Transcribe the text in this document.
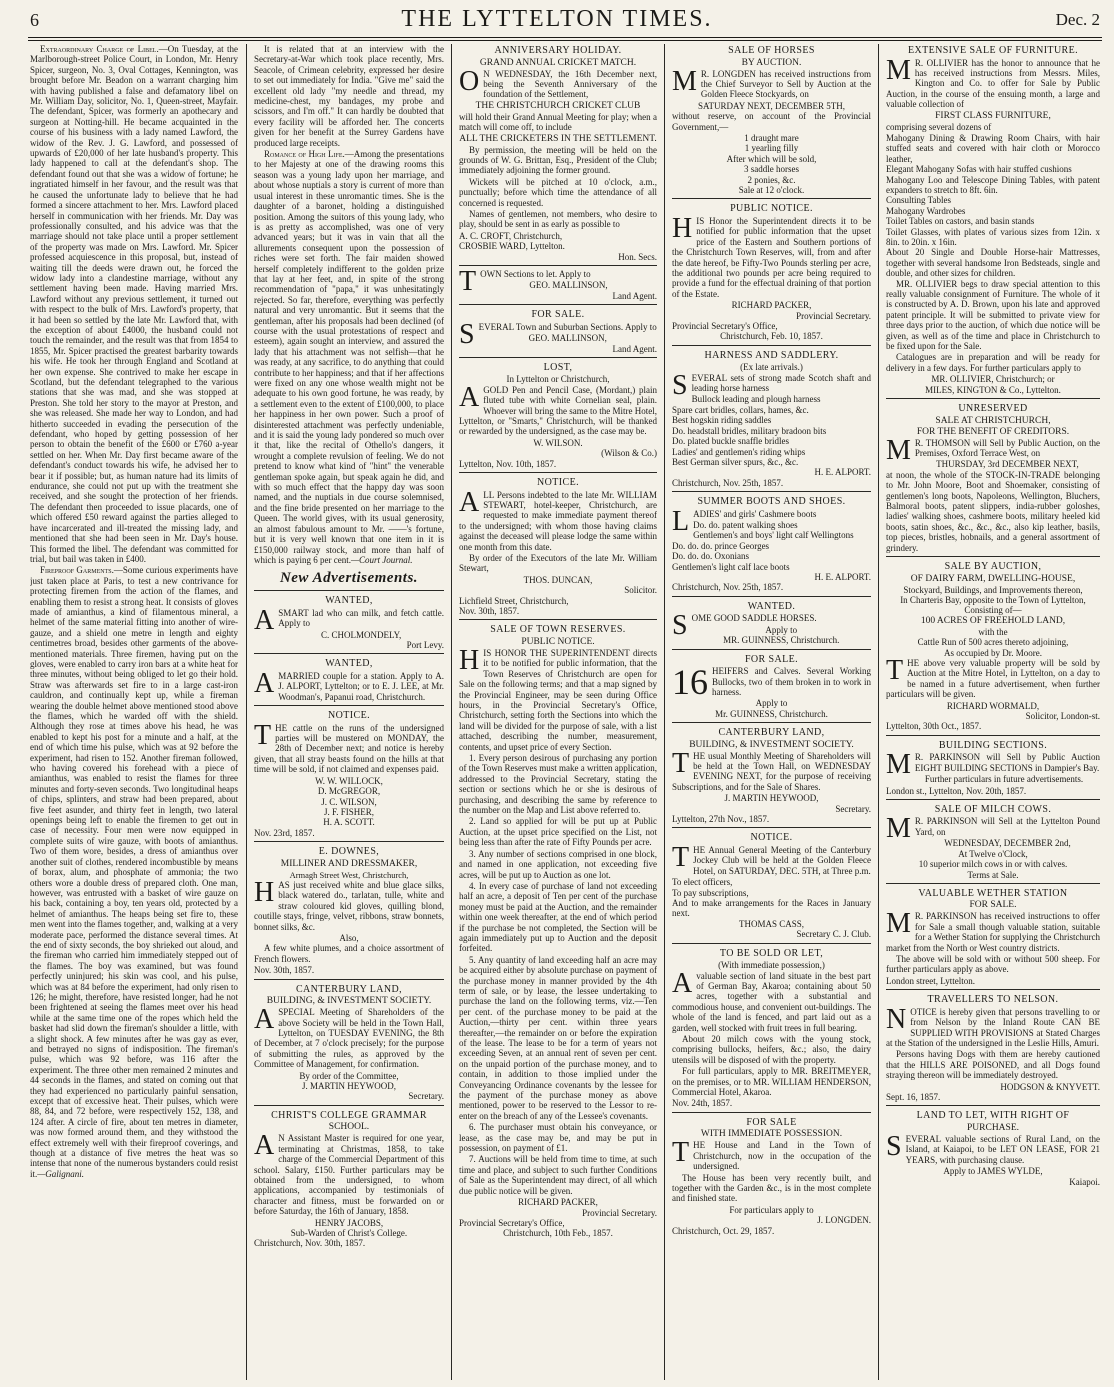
6	THE LYTTELTON TIMES.	Dec. 2

Extraordinary Charge of Libel.—On Tuesday, at the Marlborough-street Police Court, in London, Mr. Henry Spicer, surgeon, No. 3, Oval Cottages, Kennington, was brought before Mr. Beadon on a warrant charging him with having published a false and defamatory libel on Mr. William Day, solicitor, No. 1, Queen-street, Mayfair. The defendant, Spicer, was formerly an apothecary and surgeon at Notting-hill. He became acquainted in the course of his business with a lady named Lawford, the widow of the Rev. J. G. Lawford, and possessed of upwards of £20,000 of her late husband's property. This lady happened to call at the defendant's shop. The defendant found out that she was a widow of fortune; he ingratiated himself in her favour, and the result was that he caused the unfortunate lady to believe that he had formed a sincere attachment to her. Mrs. Lawford placed herself in communication with her friends. Mr. Day was professionally consulted, and his advice was that the marriage should not take place until a proper settlement of the property was made on Mrs. Lawford. Mr. Spicer professed acquiescence in this proposal, but, instead of waiting till the deeds were drawn out, he forced the widow lady into a clandestine marriage, without any settlement having been made. Having married Mrs. Lawford without any previous settlement, it turned out with respect to the bulk of Mrs. Lawford's property, that it had been so settled by the late Mr. Lawford that, with the exception of about £4000, the husband could not touch the remainder, and the result was that from 1854 to 1855, Mr. Spicer practised the greatest barbarity towards his wife. He took her through England and Scotland at her own expense. She contrived to make her escape in Scotland, but the defendant telegraphed to the various stations that she was mad, and she was stopped at Preston. She told her story to the mayor at Preston, and she was released. She made her way to London, and had hitherto succeeded in evading the persecution of the defendant, who hoped by getting possession of her person to obtain the benefit of the £600 or £760 a-year settled on her. When Mr. Day first became aware of the defendant's conduct towards his wife, he advised her to bear it if possible; but, as human nature had its limits of endurance, she could not put up with the treatment she received, and she sought the protection of her friends. The defendant then proceeded to issue placards, one of which offered £50 reward against the parties alleged to have incarcerated and ill-treated the missing lady, and mentioned that she had been seen in Mr. Day's house. This formed the libel. The defendant was committed for trial, but bail was taken in £400.

Fireproof Garments.—Some curious experiments have just taken place at Paris, to test a new contrivance for protecting firemen from the action of the flames, and enabling them to resist a strong heat. It consists of gloves made of amianthus, a kind of filamentous mineral, a helmet of the same material fitting into another of wire-gauze, and a shield one metre in length and eighty centimetres broad, besides other garments of the above-mentioned materials. Three firemen, having put on the gloves, were enabled to carry iron bars at a white heat for three minutes, without being obliged to let go their hold. Straw was afterwards set fire to in a large cast-iron cauldron, and continually kept up, while a fireman wearing the double helmet above mentioned stood above the flames, which he warded off with the shield. Although they rose at times above his head, he was enabled to kept his post for a minute and a half, at the end of which time his pulse, which was at 92 before the experiment, had risen to 152. Another fireman followed, who having covered his forehead with a piece of amianthus, was enabled to resist the flames for three minutes and forty-seven seconds. Two longitudinal heaps of chips, splinters, and straw had been prepared, about five feet asunder, and thirty feet in length, two lateral openings being left to enable the firemen to get out in case of necessity. Four men were now equipped in complete suits of wire gauze, with boots of amianthus. Two of them wore, besides, a dress of amianthus over another suit of clothes, rendered incombustible by means of borax, alum, and phosphate of ammonia; the two others wore a double dress of prepared cloth. One man, however, was entrusted with a basket of wire gauze on his back, containing a boy, ten years old, protected by a helmet of amianthus. The heaps being set fire to, these men went into the flames together, and, walking at a very moderate pace, performed the distance several times. At the end of sixty seconds, the boy shrieked out aloud, and the fireman who carried him immediately stepped out of the flames. The boy was examined, but was found perfectly uninjured; his skin was cool, and his pulse, which was at 84 before the experiment, had only risen to 126; he might, therefore, have resisted longer, had he not been frightened at seeing the flames meet over his head while at the same time one of the ropes which held the basket had slid down the fireman's shoulder a little, with a slight shock. A few minutes after he was gay as ever, and betrayed no signs of indisposition. The fireman's pulse, which was 92 before, was 116 after the experiment. The three other men remained 2 minutes and 44 seconds in the flames, and stated on coming out that they had experienced no particularly painful sensation, except that of excessive heat. Their pulses, which were 88, 84, and 72 before, were respectively 152, 138, and 124 after. A circle of fire, about ten metres in diameter, was now formed around them, and they withstood the effect extremely well with their fireproof coverings, and though at a distance of five metres the heat was so intense that none of the numerous bystanders could resist it.—Galignani.

It is related that at an interview with the Secretary-at-War which took place recently, Mrs. Seacole, of Crimean celebrity, expressed her desire to set out immediately for India. "Give me" said the excellent old lady "my needle and thread, my medicine-chest, my bandages, my probe and scissors, and I'm off." It can hardly be doubted that every facility will be afforded her. The concerts given for her benefit at the Surrey Gardens have produced large receipts.

Romance of High Life.—Among the presentations to her Majesty at one of the drawing rooms this season was a young lady upon her marriage, and about whose nuptials a story is current of more than usual interest in these unromantic times. She is the daughter of a baronet, holding a distinguished position. Among the suitors of this young lady, who is as pretty as accomplished, was one of very advanced years; but it was in vain that all the allurements consequent upon the possession of riches were set forth. The fair maiden showed herself completely indifferent to the golden prize that lay at her feet, and, in spite of the strong recommendation of "papa," it was unhesitatingly rejected. So far, therefore, everything was perfectly natural and very unromantic. But it seems that the gentleman, after his proposals had been declined (of course with the usual protestations of respect and esteem), again sought an interview, and assured the lady that his attachment was not selfish—that he was ready, at any sacrifice, to do anything that could contribute to her happiness; and that if her affections were fixed on any one whose wealth might not be adequate to his own good fortune, he was ready, by a settlement even to the extent of £100,000, to place her happiness in her own power. Such a proof of disinterested attachment was perfectly undeniable, and it is said the young lady pondered so much over it that, like the recital of Othello's dangers, it wrought a complete revulsion of feeling. We do not pretend to know what kind of "hint" the venerable gentleman spoke again, but speak again he did, and with so much effect that the happy day was soon named, and the nuptials in due course solemnised, and the fine bride presented on her marriage to the Queen. The world gives, with its usual generosity, an almost fabulous amount to Mr. ——'s fortune, but it is very well known that one item in it is £150,000 railway stock, and more than half of which is paying 6 per cent.—Court Journal.

New Advertisements.

WANTED,

ASMART lad who can milk, and fetch cattle. Apply to

C. CHOLMONDELY,

Port Levy.

WANTED,

AMARRIED couple for a station. Apply to A. J. ALPORT, Lyttelton; or to E. J. LEE, at Mr. Woodman's, Papanui road, Christchurch.

NOTICE.

THE cattle on the runs of the undersigned parties will be mustered on MONDAY, the 28th of December next; and notice is hereby given, that all stray beasts found on the hills at that time will be sold, if not claimed and expenses paid.

W. W. WILLOCK,

D. McGREGOR,

J. C. WILSON,

J. F. FISHER,

H. A. SCOTT.

Nov. 23rd, 1857.

E. DOWNES,

MILLINER AND DRESSMAKER,

Armagh Street West, Christchurch,

HAS just received white and blue glace silks, black watered do., tarlatan, tulle, white and straw coloured kid gloves, quilling blond, coutille stays, fringe, velvet, ribbons, straw bonnets, bonnet silks, &c.

Also,

A few white plumes, and a choice assortment of French flowers.

Nov. 30th, 1857.

CANTERBURY LAND,

BUILDING, & INVESTMENT SOCIETY.

ASPECIAL Meeting of Shareholders of the above Society will be held in the Town Hall, Lyttelton, on TUESDAY EVENING, the 8th of December, at 7 o'clock precisely; for the purpose of submitting the rules, as approved by the Committee of Management, for confirmation.

By order of the Committee,

J. MARTIN HEYWOOD,

Secretary.

CHRIST'S COLLEGE GRAMMAR

SCHOOL.

A N Assistant Master is required for one year, terminating at Christmas, 1858, to take charge of the Commercial Department of this school. Salary, £150. Further particulars may be obtained from the undersigned, to whom applications, accompanied by testimonials of character and fitness, must be forwarded on or before Saturday, the 16th of January, 1858.

HENRY JACOBS,

Sub-Warden of Christ's College.

Christchurch, Nov. 30th, 1857.

ANNIVERSARY HOLIDAY.

GRAND ANNUAL CRICKET MATCH.

O N WEDNESDAY, the 16th December next, being the Seventh Anniversary of the foundation of the Settlement,

THE CHRISTCHURCH CRICKET CLUB

will hold their Grand Annual Meeting for play; when a match will come off, to include

ALL THE CRICKETERS IN THE SETTLEMENT.

By permission, the meeting will be held on the grounds of W. G. Brittan, Esq., President of the Club; immediately adjoining the former ground.

Wickets will be pitched at 10 o'clock, a.m., punctually; before which time the attendance of all concerned is requested.

Names of gentlemen, not members, who desire to play, should be sent in as early as possible to

A. C. CROFT, Christchurch,

CROSBIE WARD, Lyttelton.

Hon. Secs.

TOWN Sections to let. Apply to

GEO. MALLINSON,

Land Agent.

FOR SALE.

SEVERAL Town and Suburban Sections. Apply to

GEO. MALLINSON,

Land Agent.

LOST,

In Lyttelton or Christchurch,

AGOLD Pen and Pencil Case, (Mordant,) plain fluted tube with white Cornelian seal, plain. Whoever will bring the same to the Mitre Hotel, Lyttelton, or "Smarts," Christchurch, will be thanked or rewarded by the undersigned, as the case may be.

W. WILSON.

(Wilson & Co.)

Lyttelton, Nov. 10th, 1857.

NOTICE.

ALL Persons indebted to the late Mr. WILLIAM STEWART, hotel-keeper, Christchurch, are requested to make immediate payment thereof to the undersigned; with whom those having claims against the deceased will please lodge the same within one month from this date.

By order of the Executors of the late Mr. William Stewart,

THOS. DUNCAN,

Solicitor.

Lichfield Street, Christchurch,

Nov. 30th, 1857.

SALE OF TOWN RESERVES.

PUBLIC NOTICE.

HIS HONOR THE SUPERINTENDENT directs it to be notified for public information, that the Town Reserves of Christchurch are open for Sale on the following terms; and that a map signed by the Provincial Engineer, may be seen during Office hours, in the Provincial Secretary's Office, Christchurch, setting forth the Sections into which the land will be divided for the purpose of sale, with a list attached, describing the number, measurement, contents, and upset price of every Section.

1. Every person desirous of purchasing any portion of the Town Reserves must make a written application, addressed to the Provincial Secretary, stating the section or sections which he or she is desirous of purchasing, and describing the same by reference to the number on the Map and List above referred to.

2. Land so applied for will be put up at Public Auction, at the upset price specified on the List, not being less than after the rate of Fifty Pounds per acre.

3. Any number of sections comprised in one block, and named in one application, not exceeding five acres, will be put up to Auction as one lot.

4. In every case of purchase of land not exceeding half an acre, a deposit of Ten per cent of the purchase money must be paid at the Auction, and the remainder within one week thereafter, at the end of which period if the purchase be not completed, the Section will be again immediately put up to Auction and the deposit forfeited.

5. Any quantity of land exceeding half an acre may be acquired either by absolute purchase on payment of the purchase money in manner provided by the 4th term of sale, or by lease, the lessee undertaking to purchase the land on the following terms, viz.—Ten per cent. of the purchase money to be paid at the Auction,—thirty per cent. within three years thereafter,—the remainder on or before the expiration of the lease. The lease to be for a term of years not exceeding Seven, at an annual rent of seven per cent. on the unpaid portion of the purchase money, and to contain, in addition to those implied under the Conveyancing Ordinance covenants by the lessee for the payment of the purchase money as above mentioned, power to be reserved to the Lessor to re-enter on the breach of any of the Lessee's covenants.

6. The purchaser must obtain his conveyance, or lease, as the case may be, and may be put in possession, on payment of £1.

7. Auctions will be held from time to time, at such time and place, and subject to such further Conditions of Sale as the Superintendent may direct, of all which due public notice will be given.

RICHARD PACKER,

Provincial Secretary.

Provincial Secretary's Office,

Christchurch, 10th Feb., 1857.

SALE OF HORSES

BY AUCTION.

M R. LONGDEN has received instructions from the Chief Surveyor to Sell by Auction at the Golden Fleece Stockyards, on

SATURDAY NEXT, DECEMBER 5TH,

without reserve, on account of the Provincial Government,—

1 draught mare

1 yearling filly

After which will be sold,

3 saddle horses

2 ponies, &c.

Sale at 12 o'clock.

PUBLIC NOTICE.

HIS Honor the Superintendent directs it to be notified for public information that the upset price of the Eastern and Southern portions of the Christchurch Town Reserves, will, from and after the date hereof, be Fifty-Two Pounds sterling per acre, the additional two pounds per acre being required to provide a fund for the effectual draining of that portion of the Estate.

RICHARD PACKER,

Provincial Secretary.

Provincial Secretary's Office,

Christchurch, Feb. 10, 1857.

HARNESS AND SADDLERY.

(Ex late arrivals.)

SEVERAL sets of strong made Scotch shaft and leading horse harness

Bullock leading and plough harness

Spare cart bridles, collars, hames, &c.

Best hogskin riding saddles

Do. headstall bridles, military bradoon bits

Do. plated buckle snaffle bridles

Ladies' and gentlemen's riding whips

Best German silver spurs, &c., &c.

H. E. ALPORT.

Christchurch, Nov. 25th, 1857.

SUMMER BOOTS AND SHOES.

LADIES' and girls' Cashmere boots

Do. do. patent walking shoes

Gentlemen's and boys' light calf Wellingtons

Do. do. do. prince Georges

Do. do. do. Oxonians

Gentlemen's light calf lace boots

H. E. ALPORT.

Christchurch, Nov. 25th, 1857.

WANTED.

SOME GOOD SADDLE HORSES.

Apply to

MR. GUINNESS, Christchurch.

FOR SALE.

16 HEIFERS and Calves. Several Working Bullocks, two of them broken in to work in harness.

Apply to

Mr. GUINNESS, Christchurch.

CANTERBURY LAND,

BUILDING, & INVESTMENT SOCIETY.

THE usual Monthly Meeting of Shareholders will be held at the Town Hall, on WEDNESDAY EVENING NEXT, for the purpose of receiving Subscriptions, and for the Sale of Shares.

J. MARTIN HEYWOOD,

Secretary.

Lyttelton, 27th Nov., 1857.

NOTICE.

THE Annual General Meeting of the Canterbury Jockey Club will be held at the Golden Fleece Hotel, on SATURDAY, DEC. 5TH, at Three p.m.

To elect officers,

To pay subscriptions,

And to make arrangements for the Races in January next.

THOMAS CASS,

Secretary C. J. Club.

TO BE SOLD OR LET,

(With immediate possession,)

Avaluable section of land situate in the best part of German Bay, Akaroa; containing about 50 acres, together with a substantial and commodious house, and convenient out-buildings. The whole of the land is fenced, and part laid out as a garden, well stocked with fruit trees in full bearing.

About 20 milch cows with the young stock, comprising bullocks, heifers, &c.; also, the dairy utensils will be disposed of with the property.

For full particulars, apply to MR. BREITMEYER, on the premises, or to MR. WILLIAM HENDERSON, Commercial Hotel, Akaroa.

Nov. 24th, 1857.

FOR SALE

WITH IMMEDIATE POSSESSION.

THE House and Land in the Town of Christchurch, now in the occupation of the undersigned.

The House has been very recently built, and together with the Garden &c., is in the most complete and finished state.

For particulars apply to

J. LONGDEN.

Christchurch, Oct. 29, 1857.

EXTENSIVE SALE OF FURNITURE.

M R. OLLIVIER has the honor to announce that he has received instructions from Messrs. Miles, Kington and Co. to offer for Sale by Public Auction, in the course of the ensuing month, a large and valuable collection of

FIRST CLASS FURNITURE,

comprising several dozens of

Mahogany Dining & Drawing Room Chairs, with hair stuffed seats and covered with hair cloth or Morocco leather,

Elegant Mahogany Sofas with hair stuffed cushions

Mahogany Loo and Telescope Dining Tables, with patent expanders to stretch to 8ft. 6in.

Consulting Tables

Mahogany Wardrobes

Toilet Tables on castors, and basin stands

Toilet Glasses, with plates of various sizes from 12in. x 8in. to 20in. x 16in.

About 20 Single and Double Horse-hair Mattresses, together with several handsome Iron Bedsteads, single and double, and other sizes for children.

MR. OLLIVIER begs to draw special attention to this really valuable consignment of Furniture. The whole of it is constructed by A. D. Brown, upon his late and approved patent principle. It will be submitted to private view for three days prior to the auction, of which due notice will be given, as well as of the time and place in Christchurch to be fixed upon for the Sale.

Catalogues are in preparation and will be ready for delivery in a few days. For further particulars apply to

MR. OLLIVIER, Christchurch; or

MILES, KINGTON & Co., Lyttelton.

UNRESERVED

SALE AT CHRISTCHURCH,

FOR THE BENEFIT OF CREDITORS.

M R. THOMSON will Sell by Public Auction, on the Premises, Oxford Terrace West, on

THURSDAY, 3rd DECEMBER NEXT,

at noon, the whole of the STOCK-IN-TRADE belonging to Mr. John Moore, Boot and Shoemaker, consisting of gentlemen's long boots, Napoleons, Wellington, Bluchers, Balmoral boots, patent slippers, india-rubber goloshes, ladies' walking shoes, cashmere boots, military heeled kid boots, satin shoes, &c., &c., &c., also kip leather, basils, top pieces, bristles, hobnails, and a general assortment of grindery.

SALE BY AUCTION,

OF DAIRY FARM, DWELLING-HOUSE,

Stockyard, Buildings, and Improvements thereon,

In Charteris Bay, opposite to the Town of Lyttelton,

Consisting of—

100 ACRES OF FREEHOLD LAND,

with the

Cattle Run of 500 acres thereto adjoining,

As occupied by Dr. Moore.

THE above very valuable property will be sold by Auction at the Mitre Hotel, in Lyttelton, on a day to be named in a future advertisement, when further particulars will be given.

RICHARD WORMALD,

Solicitor, London-st.

Lyttelton, 30th Oct., 1857.

BUILDING SECTIONS.

M R. PARKINSON will Sell by Public Auction EIGHT BUILDING SECTIONS in Dampier's Bay.

Further particulars in future advertisements.

London st., Lyttelton, Nov. 20th, 1857.

SALE OF MILCH COWS.

M R. PARKINSON will Sell at the Lyttelton Pound Yard, on

WEDNESDAY, DECEMBER 2nd,

At Twelve o'Clock,

10 superior milch cows in or with calves.

Terms at Sale.

VALUABLE WETHER STATION

FOR SALE.

M R. PARKINSON has received instructions to offer for Sale a small though valuable station, suitable for a Wether Station for supplying the Christchurch market from the North or West country districts.

The above will be sold with or without 500 sheep. For further particulars apply as above.

London street, Lyttelton.

TRAVELLERS TO NELSON.

NOTICE is hereby given that persons travelling to or from Nelson by the Inland Route CAN BE SUPPLIED WITH PROVISIONS at Stated Charges at the Station of the undersigned in the Leslie Hills, Amuri.

Persons having Dogs with them are hereby cautioned that the HILLS ARE POISONED, and all Dogs found straying thereon will be immediately destroyed.

HODGSON & KNYVETT.

Sept. 16, 1857.

LAND TO LET, WITH RIGHT OF

PURCHASE.

SEVERAL valuable sections of Rural Land, on the Island, at Kaiapoi, to be LET ON LEASE, FOR 21 YEARS, with purchasing clause.

Apply to JAMES WYLDE,

Kaiapoi.
